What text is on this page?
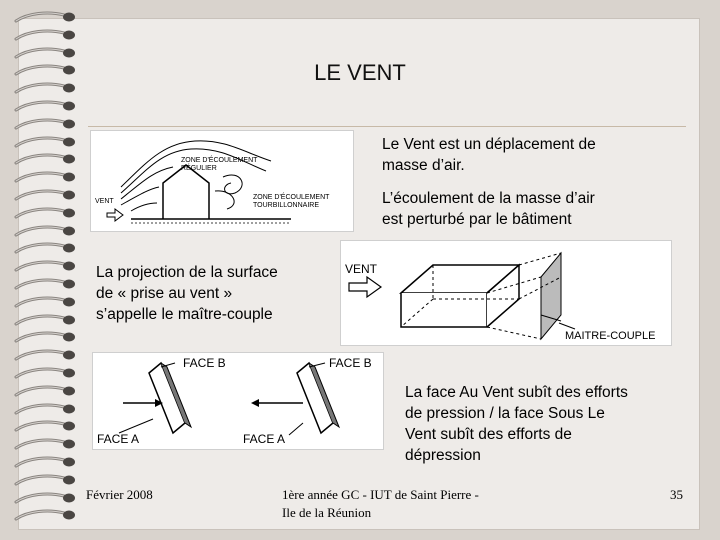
LE VENT
ZONE D'ÉCOULEMENT RÉGULIER
ZONE D'ÉCOULEMENT TOURBILLONNAIRE
VENT
Le Vent est un déplacement de
masse d’air.
L’écoulement de la masse d’air
est perturbé par le bâtiment
VENT
MAITRE-COUPLE
La projection de la surface
de « prise au vent »
s’appelle le maître-couple
FACE B
FACE A
FACE B
FACE A
La face Au Vent subît des efforts
de pression / la face Sous Le
Vent subît des efforts de
dépression
Février 2008	1ère année GC - IUT de Saint Pierre -
Ile de la Réunion
35
